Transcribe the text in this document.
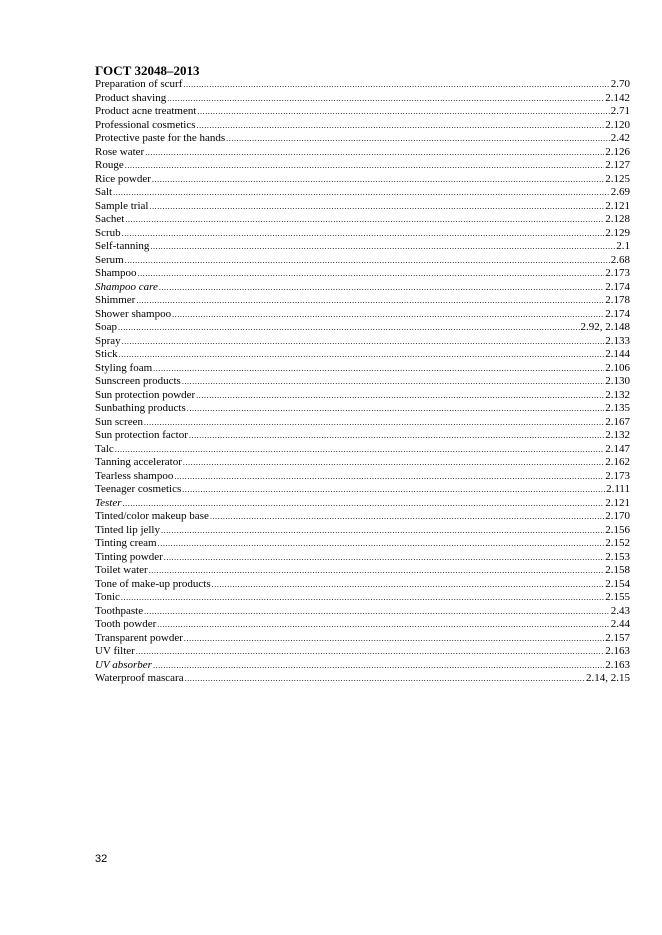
ГОСТ 32048–2013
Preparation of scurf .....	2.70
Product shaving .....	2.142
Product acne treatment .....	2.71
Professional cosmetics .....	2.120
Protective paste for the hands .....	2.42
Rose water .....	2.126
Rouge .....	2.127
Rice powder .....	2.125
Salt .....	2.69
Sample trial .....	2.121
Sachet .....	2.128
Scrub .....	2.129
Self-tanning .....	2.1
Serum .....	2.68
Shampoo .....	2.173
Shampoo care .....	2.174
Shimmer .....	2.178
Shower shampoo .....	2.174
Soap .....	2.92, 2.148
Spray .....	2.133
Stick .....	2.144
Styling foam .....	2.106
Sunscreen products .....	2.130
Sun protection powder .....	2.132
Sunbathing products .....	2.135
Sun screen .....	2.167
Sun protection factor .....	2.132
Talc .....	2.147
Tanning accelerator .....	2.162
Tearless shampoo .....	2.173
Teenager cosmetics .....	2.111
Tester .....	2.121
Tinted/color makeup base .....	2.170
Tinted lip jelly .....	2.156
Tinting cream .....	2.152
Tinting powder .....	2.153
Toilet water .....	2.158
Tone of make-up products .....	2.154
Tonic .....	2.155
Toothpaste .....	2.43
Tooth powder .....	2.44
Transparent powder .....	2.157
UV filter .....	2.163
UV absorber .....	2.163
Waterproof mascara .....	2.14, 2.15
32
